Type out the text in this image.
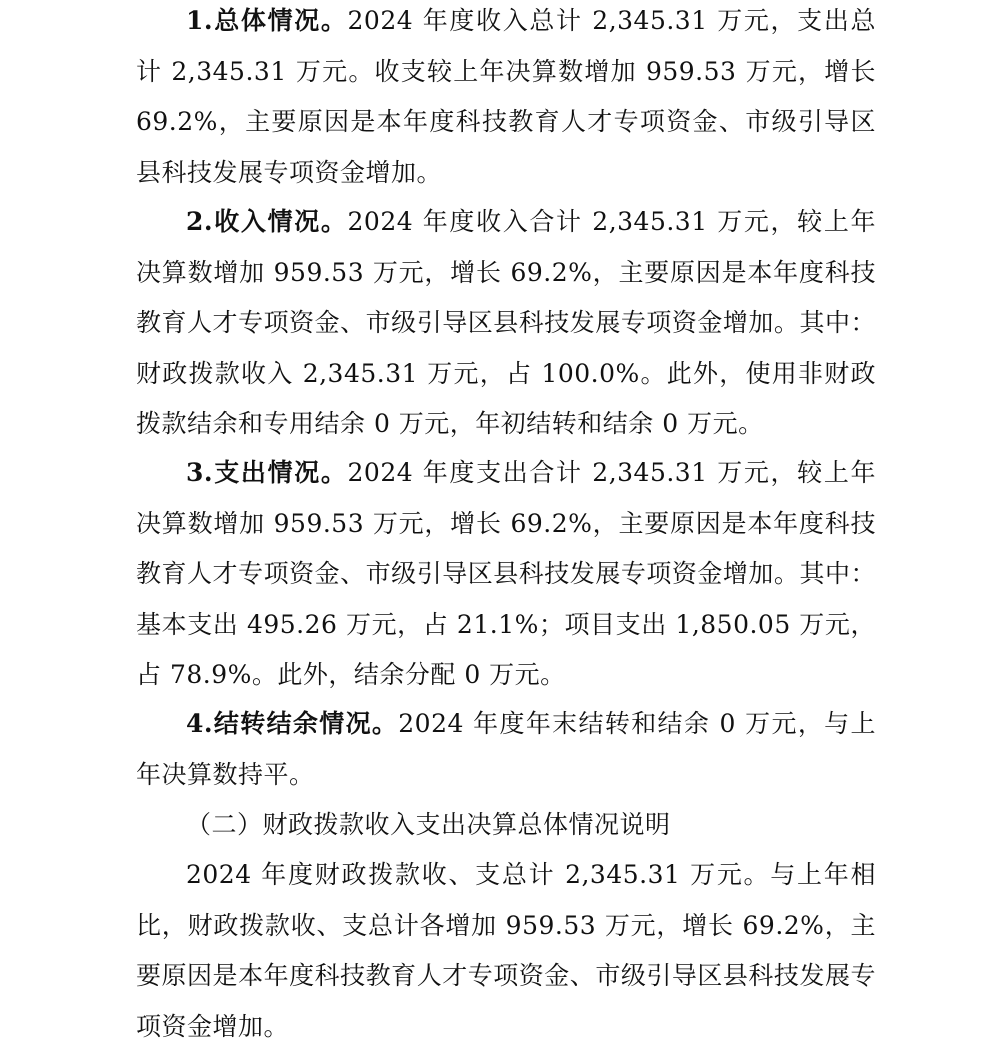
1.总体情况。2024 年度收入总计 2,345.31 万元，支出总计 2,345.31 万元。收支较上年决算数增加 959.53 万元，增长 69.2%，主要原因是本年度科技教育人才专项资金、市级引导区县科技发展专项资金增加。

2.收入情况。2024 年度收入合计 2,345.31 万元，较上年决算数增加 959.53 万元，增长 69.2%，主要原因是本年度科技教育人才专项资金、市级引导区县科技发展专项资金增加。其中：财政拨款收入 2,345.31 万元，占 100.0%。此外，使用非财政拨款结余和专用结余 0 万元，年初结转和结余 0 万元。

3.支出情况。2024 年度支出合计 2,345.31 万元，较上年决算数增加 959.53 万元，增长 69.2%，主要原因是本年度科技教育人才专项资金、市级引导区县科技发展专项资金增加。其中：基本支出 495.26 万元，占 21.1%；项目支出 1,850.05 万元，占 78.9%。此外，结余分配 0 万元。

4.结转结余情况。2024 年度年末结转和结余 0 万元，与上年决算数持平。

（二）财政拨款收入支出决算总体情况说明

2024 年度财政拨款收、支总计 2,345.31 万元。与上年相比，财政拨款收、支总计各增加 959.53 万元，增长 69.2%，主要原因是本年度科技教育人才专项资金、市级引导区县科技发展专项资金增加。
